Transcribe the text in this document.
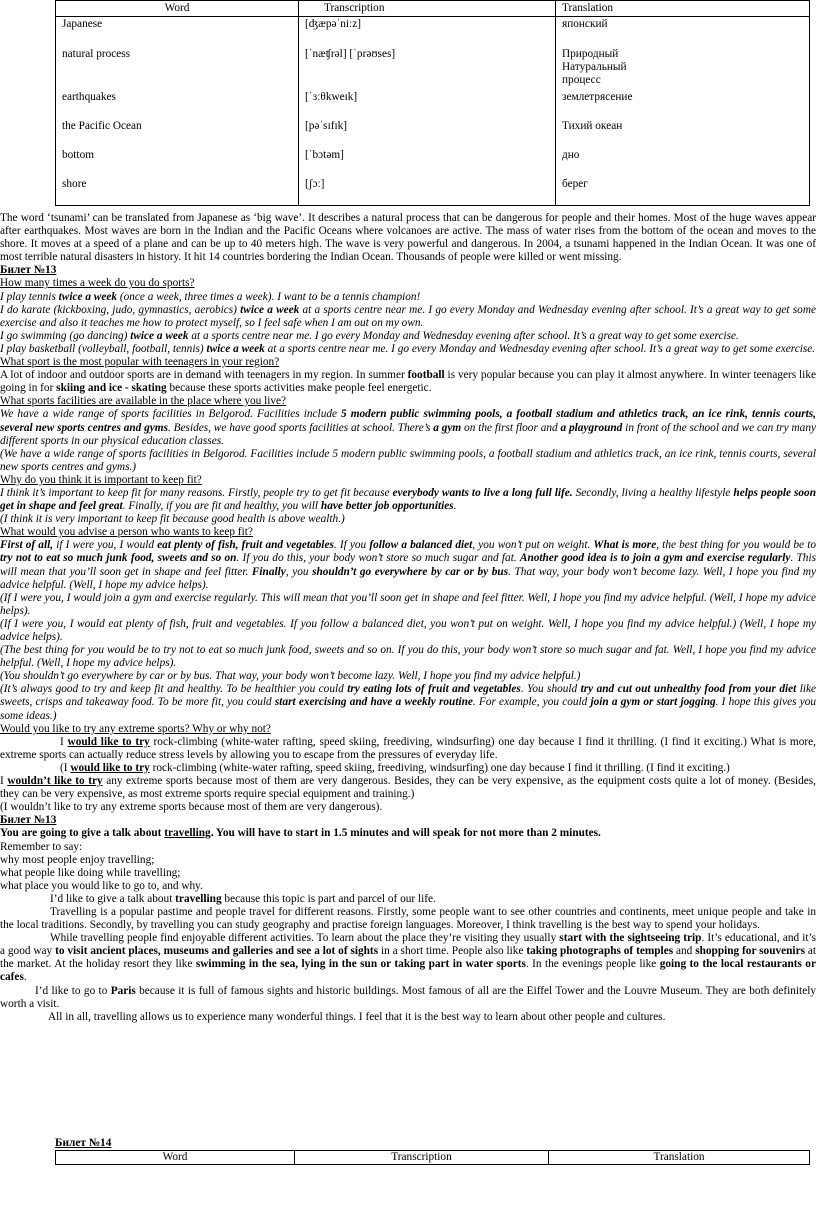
Word	Transcription	Translation
Japanese	[ʤæpəˈniːz]	японский
natural process	[ˈnæʧrəl] [ˈprəʊses]	Природный
Натуральный
процесс
earthquakes	[ˈɜːθkweɪk]	землетрясение
the Pacific Ocean	[pəˈsɪfɪk]	Тихий океан
bottom	[ˈbɔtəm]	дно
shore	[ʃɔː]	берег

The word ‘tsunami’ can be translated from Japanese as ‘big wave’. It describes a natural process that can be dangerous for people and their homes. Most of the huge waves appear after earthquakes. Most waves are born in the Indian and the Pacific Oceans where volcanoes are active. The mass of water rises from the bottom of the ocean and moves to the shore. It moves at a speed of a plane and can be up to 40 meters high. The wave is very powerful and dangerous. In 2004, a tsunami happened in the Indian Ocean. It was one of most terrible natural disasters in history. It hit 14 countries bordering the Indian Ocean. Thousands of people were killed or went missing.

Билет №13

How many times a week do you do sports?

I play tennis twice a week (once a week, three times a week). I want to be a tennis champion!

I do karate (kickboxing, judo, gymnastics, aerobics) twice a week at a sports centre near me. I go every Monday and Wednesday evening after school. It’s a great way to get some exercise and also it teaches me how to protect myself, so I feel safe when I am out on my own.

I go swimming (go dancing) twice a week at a sports centre near me. I go every Monday and Wednesday evening after school. It’s a great way to get some exercise.

I play basketball (volleyball, football, tennis) twice a week at a sports centre near me. I go every Monday and Wednesday evening after school. It’s a great way to get some exercise.

What sport is the most popular with teenagers in your region?

A lot of indoor and outdoor sports are in demand with teenagers in my region. In summer football is very popular because you can play it almost anywhere. In winter teenagers like going in for skiing and ice - skating because these sports activities make people feel energetic.

What sports facilities are available in the place where you live?

We have a wide range of sports facilities in Belgorod. Facilities include 5 modern public swimming pools, a football stadium and athletics track, an ice rink, tennis courts, several new sports centres and gyms. Besides, we have good sports facilities at school. There’s a gym on the first floor and a playground in front of the school and we can try many different sports in our physical education classes.

(We have a wide range of sports facilities in Belgorod. Facilities include 5 modern public swimming pools, a football stadium and athletics track, an ice rink, tennis courts, several new sports centres and gyms.)

Why do you think it is important to keep fit?

I think it’s important to keep fit for many reasons. Firstly, people try to get fit because everybody wants to live a long full life. Secondly, living a healthy lifestyle helps people soon get in shape and feel great. Finally, if you are fit and healthy, you will have better job opportunities.

(I think it is very important to keep fit because good health is above wealth.)

What would you advise a person who wants to keep fit?

First of all, if I were you, I would eat plenty of fish, fruit and vegetables. If you follow a balanced diet, you won’t put on weight. What is more, the best thing for you would be to try not to eat so much junk food, sweets and so on. If you do this, your body won’t store so much sugar and fat. Another good idea is to join a gym and exercise regularly. This will mean that you’ll soon get in shape and feel fitter. Finally, you shouldn’t go everywhere by car or by bus. That way, your body won’t become lazy. Well, I hope you find my advice helpful. (Well, I hope my advice helps).

(If I were you, I would join a gym and exercise regularly. This will mean that you’ll soon get in shape and feel fitter. Well, I hope you find my advice helpful. (Well, I hope my advice helps).

(If I were you, I would eat plenty of fish, fruit and vegetables. If you follow a balanced diet, you won’t put on weight. Well, I hope you find my advice helpful.) (Well, I hope my advice helps).

(The best thing for you would be to try not to eat so much junk food, sweets and so on. If you do this, your body won’t store so much sugar and fat. Well, I hope you find my advice helpful. (Well, I hope my advice helps).

(You shouldn’t go everywhere by car or by bus. That way, your body won’t become lazy. Well, I hope you find my advice helpful.)

(It’s always good to try and keep fit and healthy. To be healthier you could try eating lots of fruit and vegetables. You should try and cut out unhealthy food from your diet like sweets, crisps and takeaway food. To be more fit, you could start exercising and have a weekly routine. For example, you could join a gym or start jogging. I hope this gives you some ideas.)

Would you like to try any extreme sports? Why or why not?

I would like to try rock-climbing (white-water rafting, speed skiing, freediving, windsurfing) one day because I find it thrilling. (I find it exciting.) What is more, extreme sports can actually reduce stress levels by allowing you to escape from the pressures of everyday life.

(I would like to try rock-climbing (white-water rafting, speed skiing, freediving, windsurfing) one day because I find it thrilling. (I find it exciting.)

I wouldn’t like to try any extreme sports because most of them are very dangerous. Besides, they can be very expensive, as the equipment costs quite a lot of money. (Besides, they can be very expensive, as most extreme sports require special equipment and training.)

(I wouldn’t like to try any extreme sports because most of them are very dangerous).

Билет №13

You are going to give a talk about travelling. You will have to start in 1.5 minutes and will speak for not more than 2 minutes.

Remember to say:

why most people enjoy travelling;

what people like doing while travelling;

what place you would like to go to, and why.

I’d like to give a talk about travelling because this topic is part and parcel of our life.

Travelling is a popular pastime and people travel for different reasons. Firstly, some people want to see other countries and continents, meet unique people and take in the local traditions. Secondly, by travelling you can study geography and practise foreign languages. Moreover, I think travelling is the best way to spend your holidays.

While travelling people find enjoyable different activities. To learn about the place they’re visiting they usually start with the sightseeing trip. It’s educational, and it’s a good way to visit ancient places, museums and galleries and see a lot of sights in a short time. People also like taking photographs of temples and shopping for souvenirs at the market. At the holiday resort they like swimming in the sea, lying in the sun or taking part in water sports. In the evenings people like going to the local restaurants or cafes.

I’d like to go to Paris because it is full of famous sights and historic buildings. Most famous of all are the Eiffel Tower and the Louvre Museum. They are both definitely worth a visit.

All in all, travelling allows us to experience many wonderful things. I feel that it is the best way to learn about other people and cultures.

Билет №14
Word	Transcription	Translation
